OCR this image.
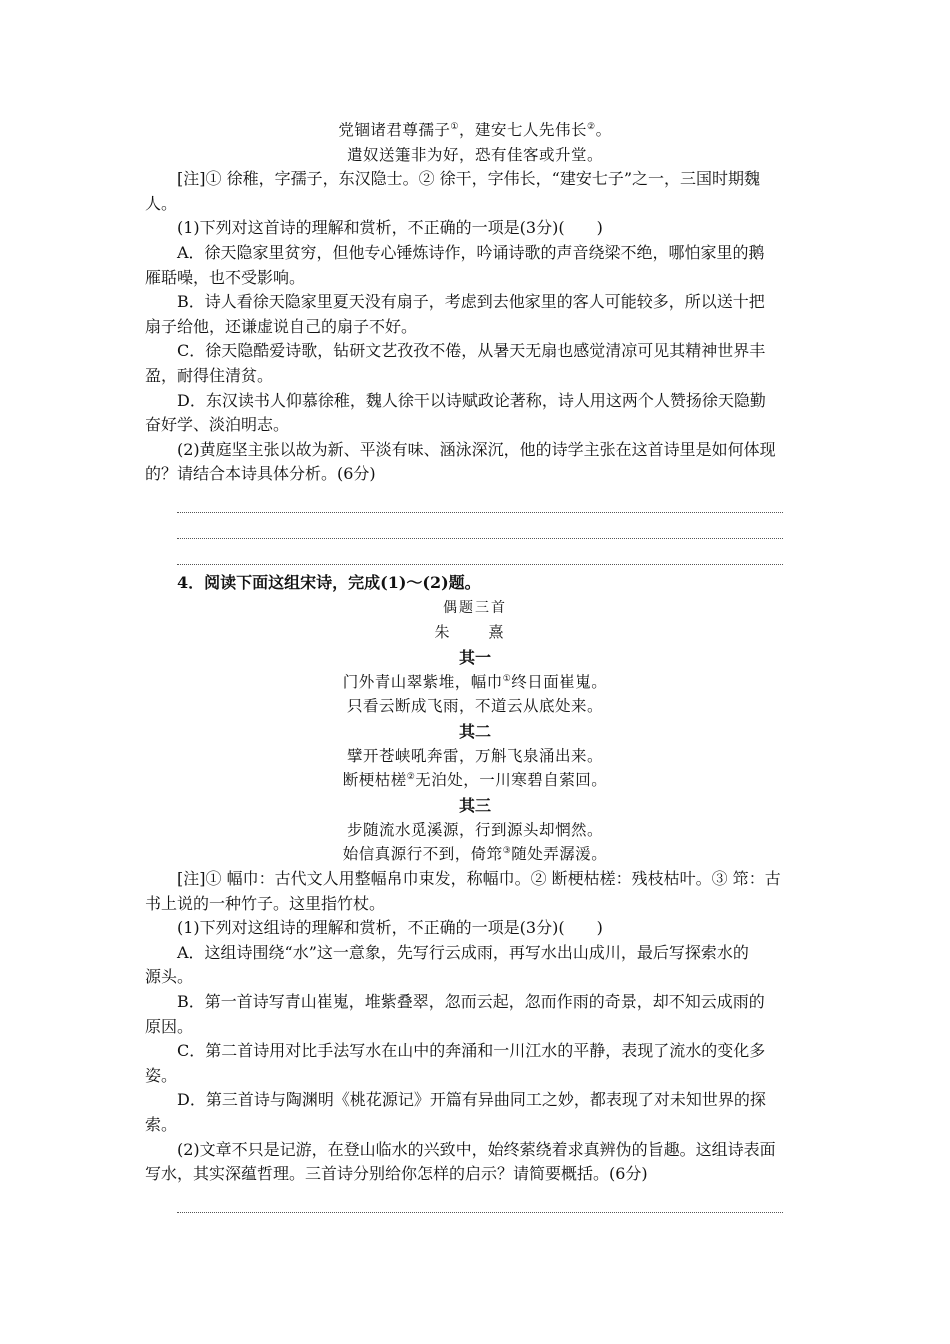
党锢诸君尊孺子①，建安七人先伟长②。
遣奴送箑非为好，恐有佳客或升堂。
[注]① 徐稚，字孺子，东汉隐士。② 徐干，字伟长，“建安七子”之一，三国时期魏
人。
(1)下列对这首诗的理解和赏析，不正确的一项是(3分)(　　)
A．徐天隐家里贫穷，但他专心锤炼诗作，吟诵诗歌的声音绕梁不绝，哪怕家里的鹅
雁聒噪，也不受影响。
B．诗人看徐天隐家里夏天没有扇子，考虑到去他家里的客人可能较多，所以送十把
扇子给他，还谦虚说自己的扇子不好。
C．徐天隐酷爱诗歌，钻研文艺孜孜不倦，从暑天无扇也感觉清凉可见其精神世界丰
盈，耐得住清贫。
D．东汉读书人仰慕徐稚，魏人徐干以诗赋政论著称，诗人用这两个人赞扬徐天隐勤
奋好学、淡泊明志。
(2)黄庭坚主张以故为新、平淡有味、涵泳深沉，他的诗学主张在这首诗里是如何体现
的？请结合本诗具体分析。(6分)
4．阅读下面这组宋诗，完成(1)～(2)题。
偶题三首
朱　熹
其一
门外青山翠紫堆，幅巾①终日面崔嵬。
只看云断成飞雨，不道云从底处来。
其二
擘开苍峡吼奔雷，万斛飞泉涌出来。
断梗枯槎②无泊处，一川寒碧自萦回。
其三
步随流水觅溪源，行到源头却惘然。
始信真源行不到，倚筇③随处弄潺湲。
[注]① 幅巾：古代文人用整幅帛巾束发，称幅巾。② 断梗枯槎：残枝枯叶。③ 筇：古
书上说的一种竹子。这里指竹杖。
(1)下列对这组诗的理解和赏析，不正确的一项是(3分)(　　)
A．这组诗围绕“水”这一意象，先写行云成雨，再写水出山成川，最后写探索水的
源头。
B．第一首诗写青山崔嵬，堆紫叠翠，忽而云起，忽而作雨的奇景，却不知云成雨的
原因。
C．第二首诗用对比手法写水在山中的奔涌和一川江水的平静，表现了流水的变化多
姿。
D．第三首诗与陶渊明《桃花源记》开篇有异曲同工之妙，都表现了对未知世界的探
索。
(2)文章不只是记游，在登山临水的兴致中，始终萦绕着求真辨伪的旨趣。这组诗表面
写水，其实深蕴哲理。三首诗分别给你怎样的启示？请简要概括。(6分)
